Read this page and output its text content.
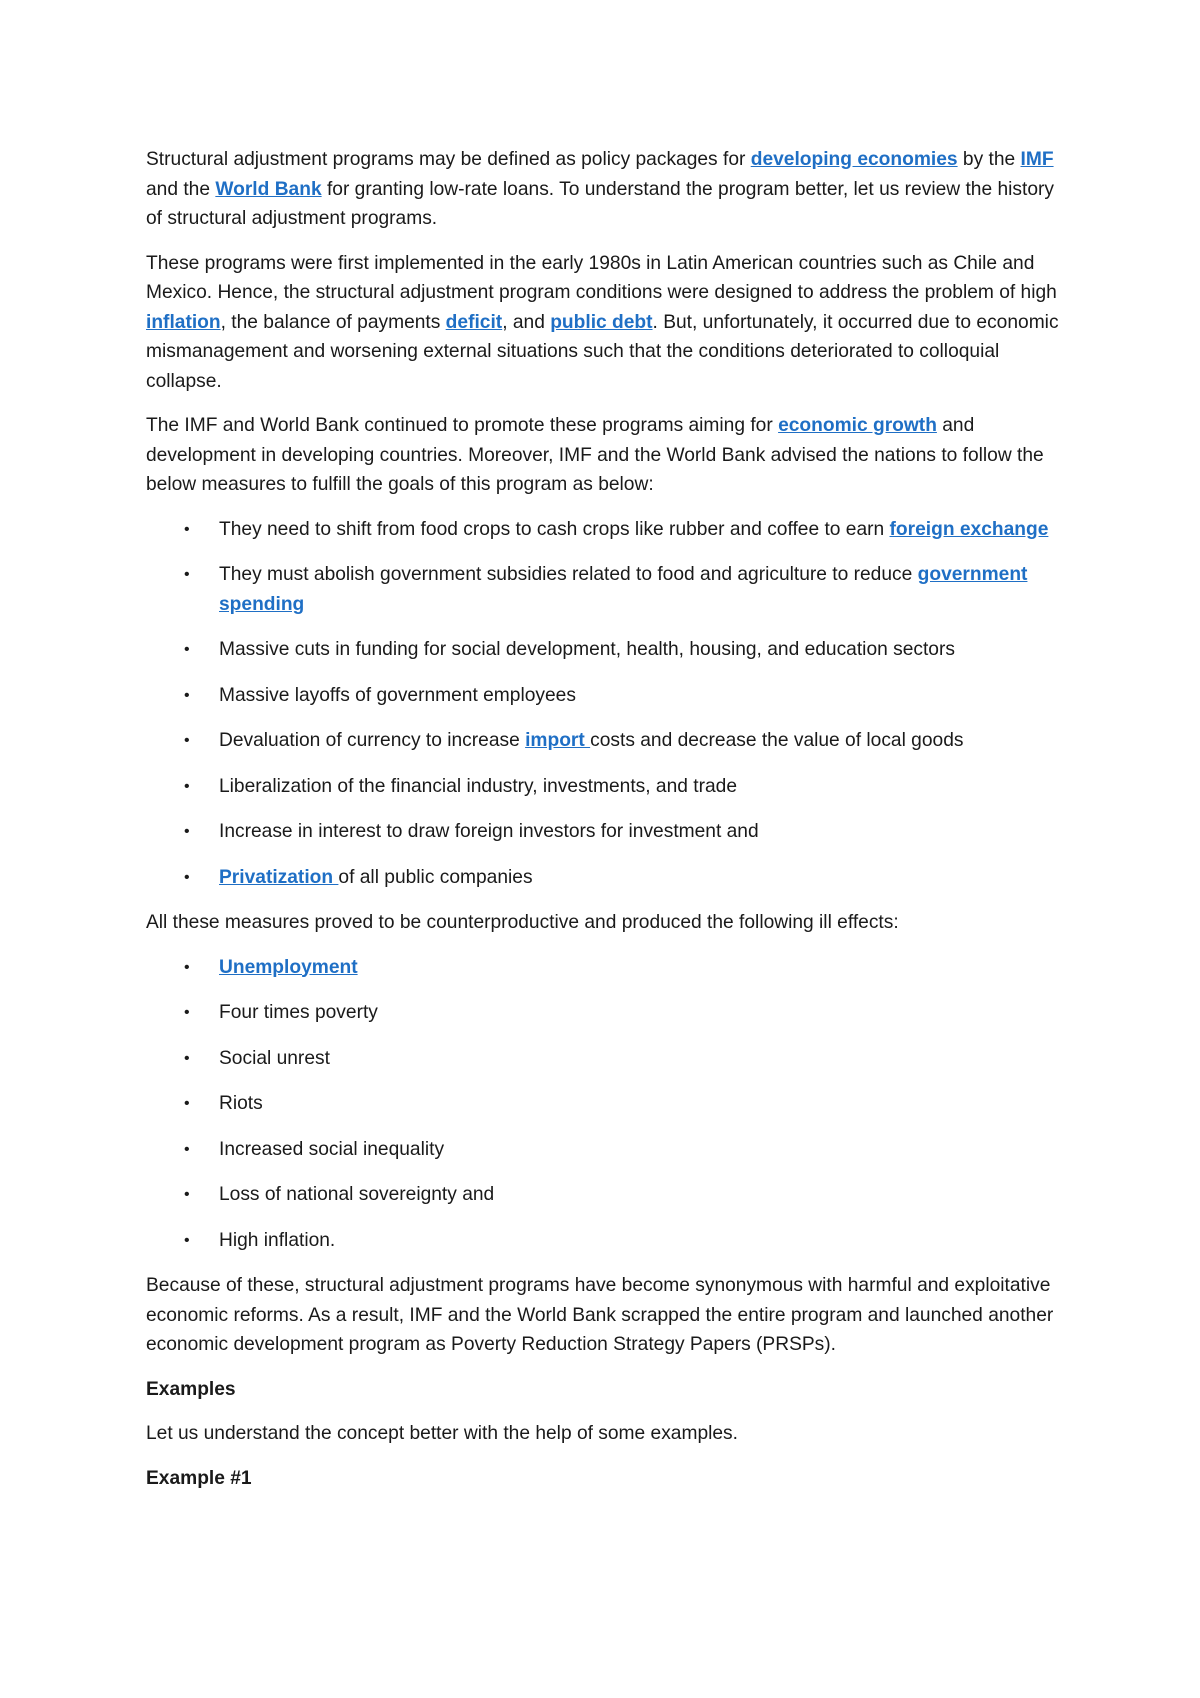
Structural adjustment programs may be defined as policy packages for developing economies by the IMF and the World Bank for granting low-rate loans. To understand the program better, let us review the history of structural adjustment programs.

These programs were first implemented in the early 1980s in Latin American countries such as Chile and Mexico. Hence, the structural adjustment program conditions were designed to address the problem of high inflation, the balance of payments deficit, and public debt. But, unfortunately, it occurred due to economic mismanagement and worsening external situations such that the conditions deteriorated to colloquial collapse.

The IMF and World Bank continued to promote these programs aiming for economic growth and development in developing countries. Moreover, IMF and the World Bank advised the nations to follow the below measures to fulfill the goals of this program as below:

• They need to shift from food crops to cash crops like rubber and coffee to earn foreign exchange
• They must abolish government subsidies related to food and agriculture to reduce government spending
• Massive cuts in funding for social development, health, housing, and education sectors
• Massive layoffs of government employees
• Devaluation of currency to increase import costs and decrease the value of local goods
• Liberalization of the financial industry, investments, and trade
• Increase in interest to draw foreign investors for investment and
• Privatization of all public companies

All these measures proved to be counterproductive and produced the following ill effects:

• Unemployment
• Four times poverty
• Social unrest
• Riots
• Increased social inequality
• Loss of national sovereignty and
• High inflation.

Because of these, structural adjustment programs have become synonymous with harmful and exploitative economic reforms. As a result, IMF and the World Bank scrapped the entire program and launched another economic development program as Poverty Reduction Strategy Papers (PRSPs).

Examples

Let us understand the concept better with the help of some examples.

Example #1
